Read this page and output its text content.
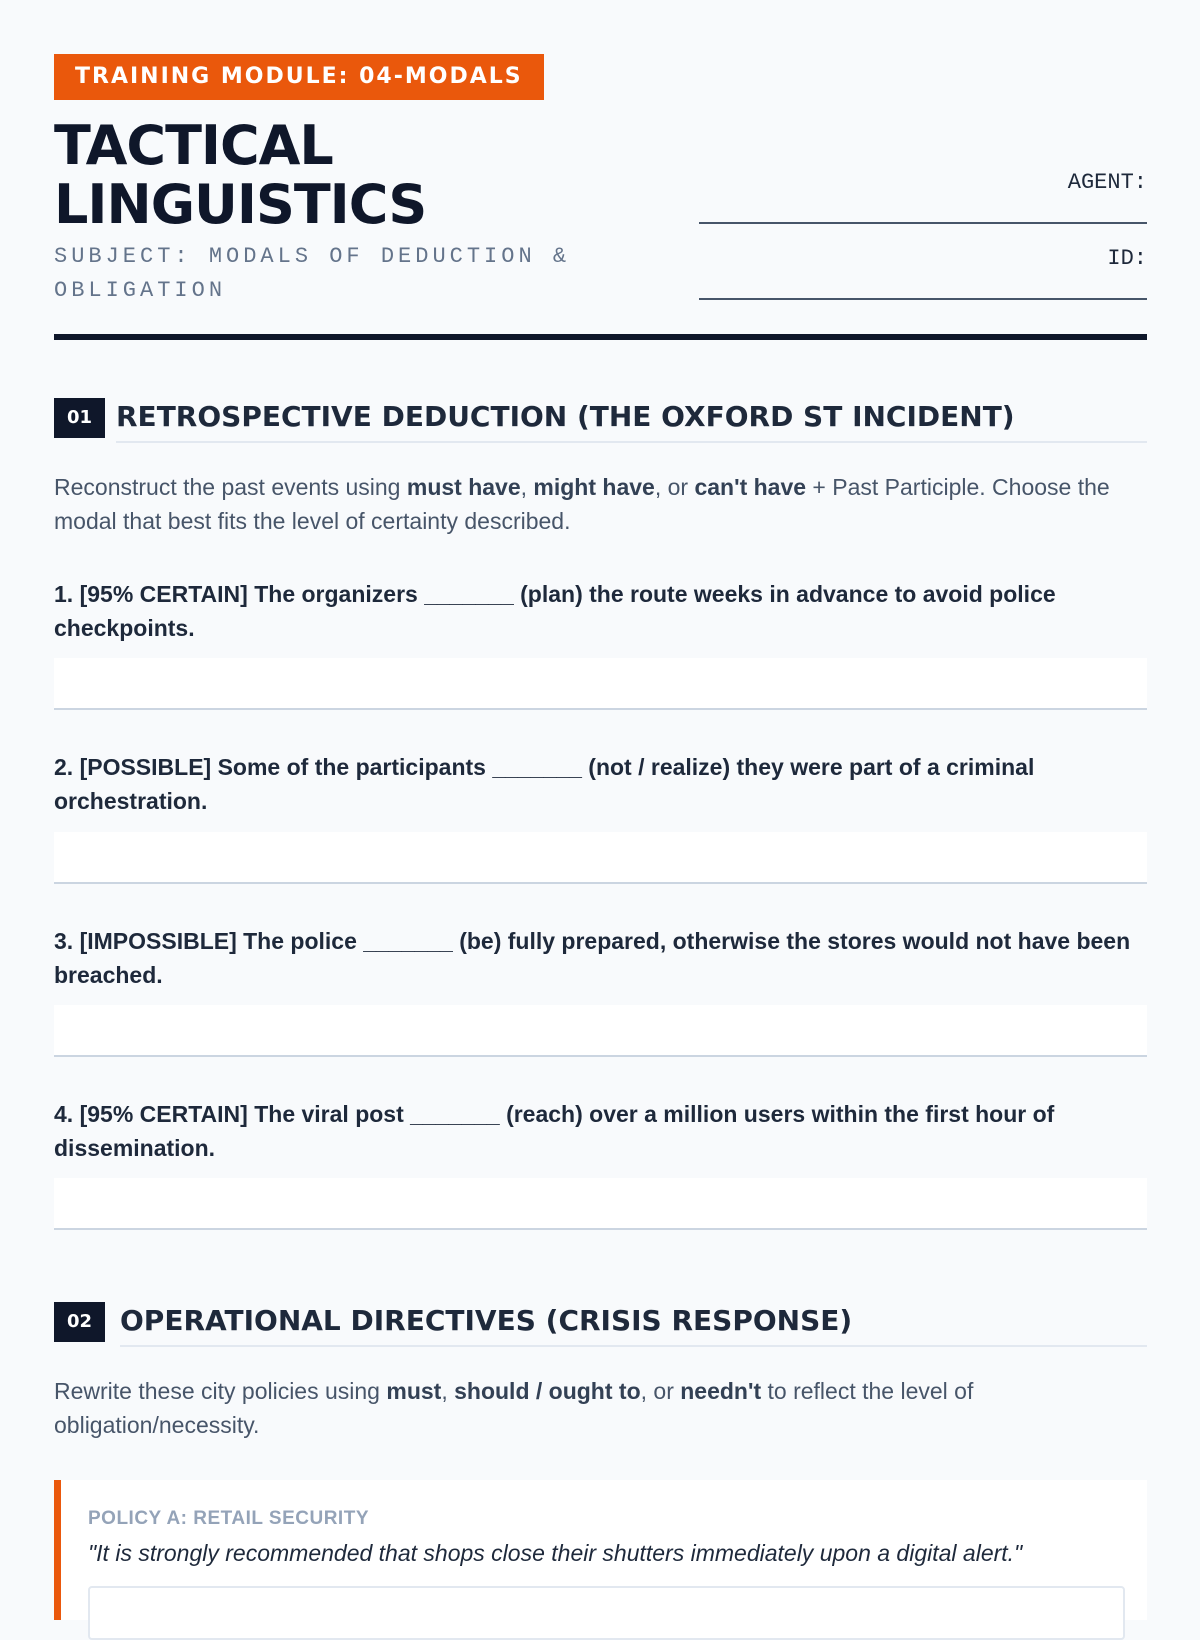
TRAINING MODULE: 04-MODALS
TACTICAL
LINGUISTICS
SUBJECT: MODALS OF DEDUCTION & OBLIGATION
AGENT:
ID:
01 RETROSPECTIVE DEDUCTION (THE OXFORD ST INCIDENT)

Reconstruct the past events using must have, might have, or can't have + Past Participle. Choose the modal that best fits the level of certainty described.

1. [95% CERTAIN] The organizers _______ (plan) the route weeks in advance to avoid police checkpoints.

2. [POSSIBLE] Some of the participants _______ (not / realize) they were part of a criminal orchestration.

3. [IMPOSSIBLE] The police _______ (be) fully prepared, otherwise the stores would not have been breached.

4. [95% CERTAIN] The viral post _______ (reach) over a million users within the first hour of dissemination.

02 OPERATIONAL DIRECTIVES (CRISIS RESPONSE)

Rewrite these city policies using must, should / ought to, or needn't to reflect the level of obligation/necessity.

POLICY A: RETAIL SECURITY
"It is strongly recommended that shops close their shutters immediately upon a digital alert."
